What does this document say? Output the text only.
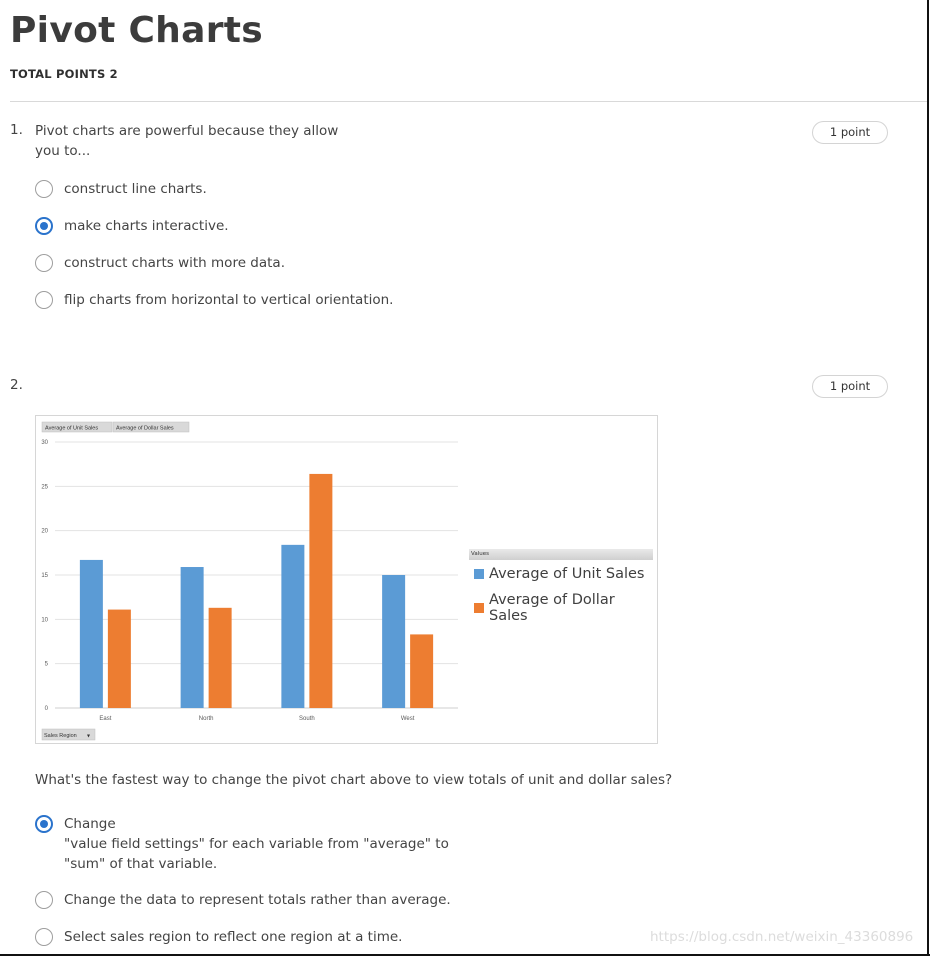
Pivot Charts
TOTAL POINTS 2
1. Pivot charts are powerful because they allow
you to...
1 point
construct line charts.
make charts interactive.
construct charts with more data.
flip charts from horizontal to vertical orientation.
2.	1 point
0
5
10
15
20
25
30
East	North	South	West
Average of Unit Sales	Average of Dollar Sales
Sales Region ▾
Values
Average of Unit Sales
Average of Dollar Sales
What's the fastest way to change the pivot chart above to view totals of unit and dollar sales?
Change
"value field settings" for each variable from "average" to
"sum" of that variable.
Change the data to represent totals rather than average.
Select sales region to reflect one region at a time.	https://blog.csdn.net/weixin_43360896
